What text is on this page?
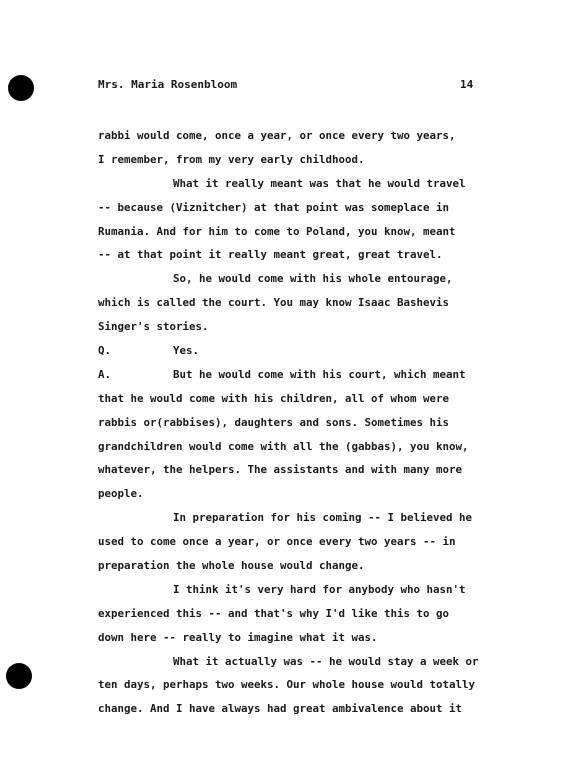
Mrs. Maria Rosenbloom	14
rabbi would come, once a year, or once every two years,
I remember, from my very early childhood.
What it really meant was that he would travel
-- because (Viznitcher) at that point was someplace in
Rumania. And for him to come to Poland, you know, meant
-- at that point it really meant great, great travel.
So, he would come with his whole entourage,
which is called the court. You may know Isaac Bashevis
Singer's stories.
Q.	Yes.
A.	But he would come with his court, which meant
that he would come with his children, all of whom were
rabbis or(rabbises), daughters and sons. Sometimes his
grandchildren would come with all the (gabbas), you know,
whatever, the helpers. The assistants and with many more
people.
In preparation for his coming -- I believed he
used to come once a year, or once every two years -- in
preparation the whole house would change.
I think it's very hard for anybody who hasn't
experienced this -- and that's why I'd like this to go
down here -- really to imagine what it was.
What it actually was -- he would stay a week or
ten days, perhaps two weeks. Our whole house would totally
change. And I have always had great ambivalence about it
